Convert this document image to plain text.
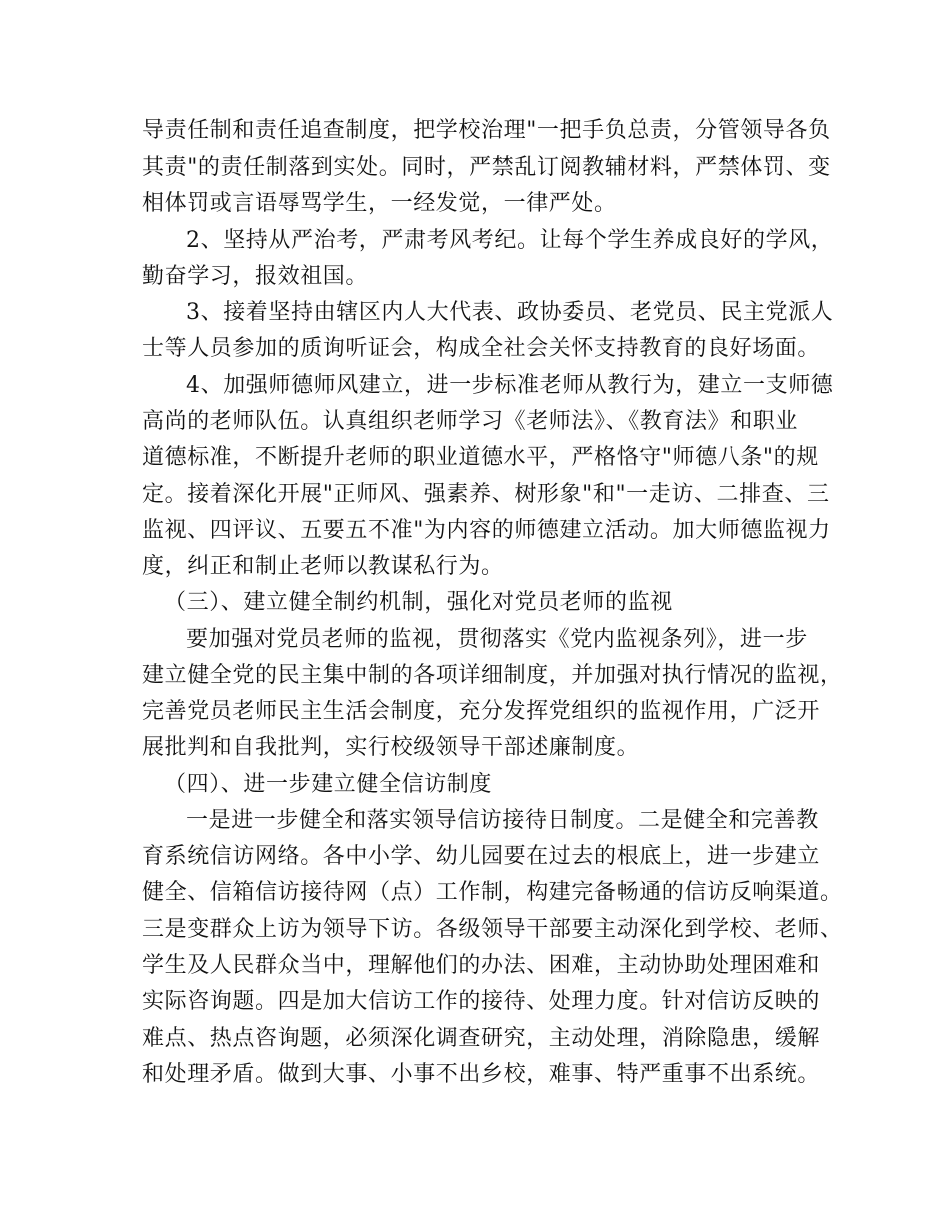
导责任制和责任追查制度，把学校治理"一把手负总责，分管领导各负
其责"的责任制落到实处。同时，严禁乱订阅教辅材料，严禁体罚、变
相体罚或言语辱骂学生，一经发觉，一律严处。
2、坚持从严治考，严肃考风考纪。让每个学生养成良好的学风，
勤奋学习，报效祖国。
3、接着坚持由辖区内人大代表、政协委员、老党员、民主党派人
士等人员参加的质询听证会，构成全社会关怀支持教育的良好场面。
4、加强师德师风建立，进一步标准老师从教行为，建立一支师德
高尚的老师队伍。认真组织老师学习《老师法》、《教育法》和职业
道德标准，不断提升老师的职业道德水平，严格恪守"师德八条"的规
定。接着深化开展"正师风、强素养、树形象"和"一走访、二排查、三
监视、四评议、五要五不准"为内容的师德建立活动。加大师德监视力
度，纠正和制止老师以教谋私行为。
（三）、建立健全制约机制，强化对党员老师的监视
要加强对党员老师的监视，贯彻落实《党内监视条列》，进一步
建立健全党的民主集中制的各项详细制度，并加强对执行情况的监视，
完善党员老师民主生活会制度，充分发挥党组织的监视作用，广泛开
展批判和自我批判，实行校级领导干部述廉制度。
（四）、进一步建立健全信访制度
一是进一步健全和落实领导信访接待日制度。二是健全和完善教
育系统信访网络。各中小学、幼儿园要在过去的根底上，进一步建立
健全、信箱信访接待网（点）工作制，构建完备畅通的信访反响渠道。
三是变群众上访为领导下访。各级领导干部要主动深化到学校、老师、
学生及人民群众当中，理解他们的办法、困难，主动协助处理困难和
实际咨询题。四是加大信访工作的接待、处理力度。针对信访反映的
难点、热点咨询题，必须深化调查研究，主动处理，消除隐患，缓解
和处理矛盾。做到大事、小事不出乡校，难事、特严重事不出系统。
